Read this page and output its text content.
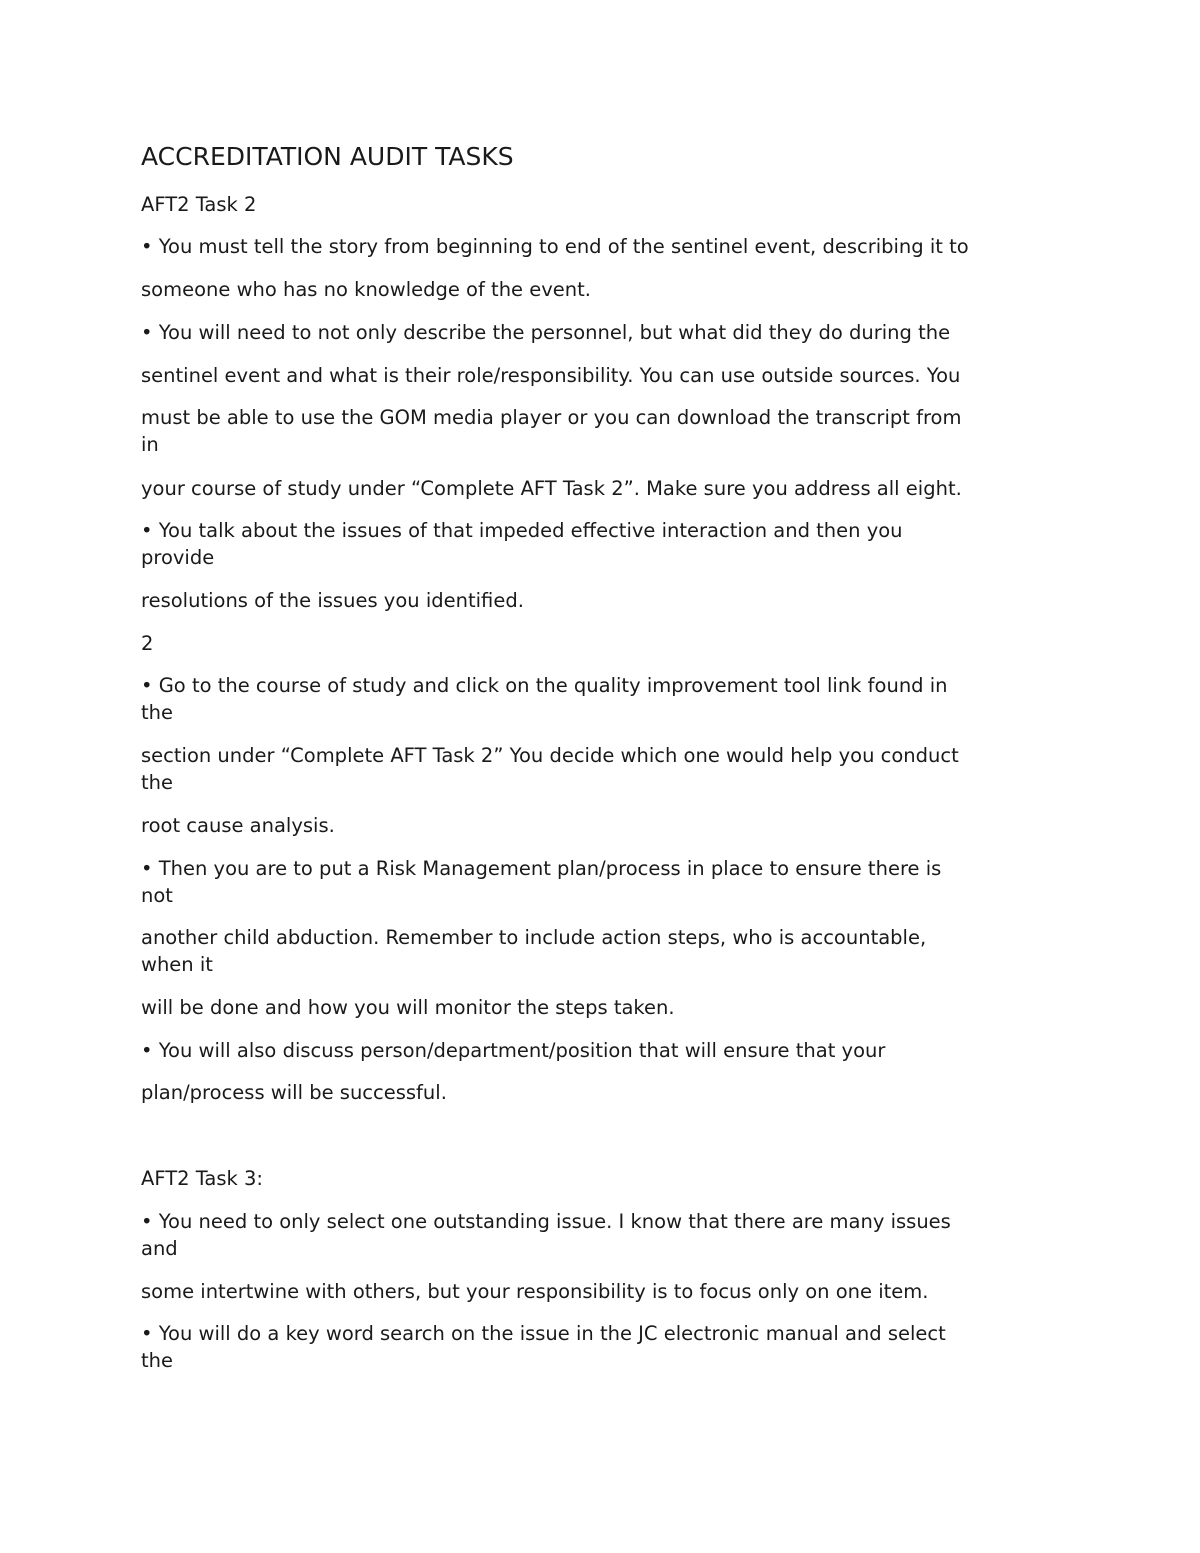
ACCREDITATION AUDIT TASKS
AFT2 Task 2
• You must tell the story from beginning to end of the sentinel event, describing it to
someone who has no knowledge of the event.
• You will need to not only describe the personnel, but what did they do during the
sentinel event and what is their role/responsibility. You can use outside sources. You
must be able to use the GOM media player or you can download the transcript from
in
your course of study under “Complete AFT Task 2”. Make sure you address all eight.
• You talk about the issues of that impeded effective interaction and then you
provide
resolutions of the issues you identified.
2
• Go to the course of study and click on the quality improvement tool link found in
the
section under “Complete AFT Task 2” You decide which one would help you conduct
the
root cause analysis.
• Then you are to put a Risk Management plan/process in place to ensure there is
not
another child abduction. Remember to include action steps, who is accountable,
when it
will be done and how you will monitor the steps taken.
• You will also discuss person/department/position that will ensure that your
plan/process will be successful.
AFT2 Task 3:
• You need to only select one outstanding issue. I know that there are many issues
and
some intertwine with others, but your responsibility is to focus only on one item.
• You will do a key word search on the issue in the JC electronic manual and select
the
